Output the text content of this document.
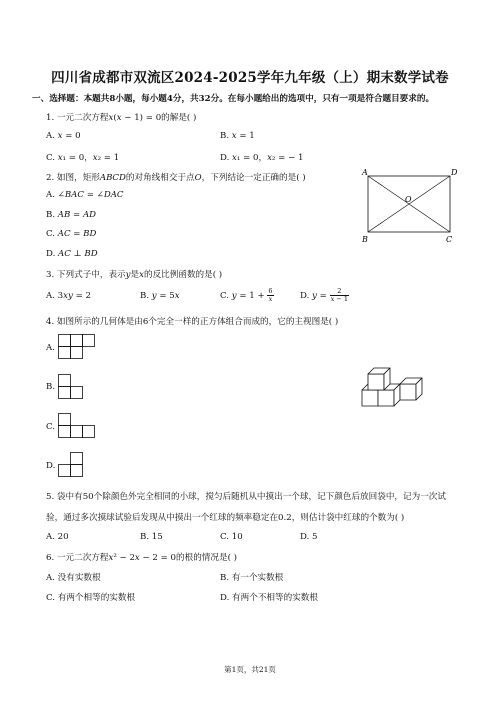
四川省成都市双流区2024-2025学年九年级（上）期末数学试卷
一、选择题：本题共8小题，每小题4分，共32分。在每小题给出的选项中，只有一项是符合题目要求的。
1. 一元二次方程𝑥(𝑥 − 1) = 0的解是( )
A. 𝑥 = 0	B. 𝑥 = 1
C. 𝑥₁ = 0，𝑥₂ = 1	D. 𝑥₁ = 0，𝑥₂ = − 1
2. 如图，矩形𝐴𝐵𝐶𝐷的对角线相交于点𝑂，下列结论一定正确的是( )
A. ∠𝐵𝐴𝐶 = ∠𝐷𝐴𝐶
B. 𝐴𝐵 = 𝐴𝐷
C. 𝐴𝐶 = 𝐵𝐷
D. 𝐴𝐶 ⊥ 𝐵𝐷
A	D
B	C
O
3. 下列式子中，表示𝑦是𝑥的反比例函数的是( )
A. 3𝑥𝑦 = 2	B. 𝑦 = 5𝑥	C. 𝑦 = $1 + \frac{6}{\text{𝑥}}$	D. 𝑦 = $\frac{2}{\text{𝑥 − 1}}$
4. 如图所示的几何体是由6个完全一样的正方体组合而成的，它的主视图是( )
A.
B.
C.
D.
5. 袋中有50个除颜色外完全相同的小球，搅匀后随机从中摸出一个球，记下颜色后放回袋中，记为一次试
验，通过多次摸球试验后发现从中摸出一个红球的频率稳定在0.2，则估计袋中红球的个数为( )
A. 20	B. 15	C. 10	D. 5
6. 一元二次方程𝑥² − 2𝑥 − 2 = 0的根的情况是( )
A. 没有实数根	B. 有一个实数根
C. 有两个相等的实数根	D. 有两个不相等的实数根
第1页，共21页
